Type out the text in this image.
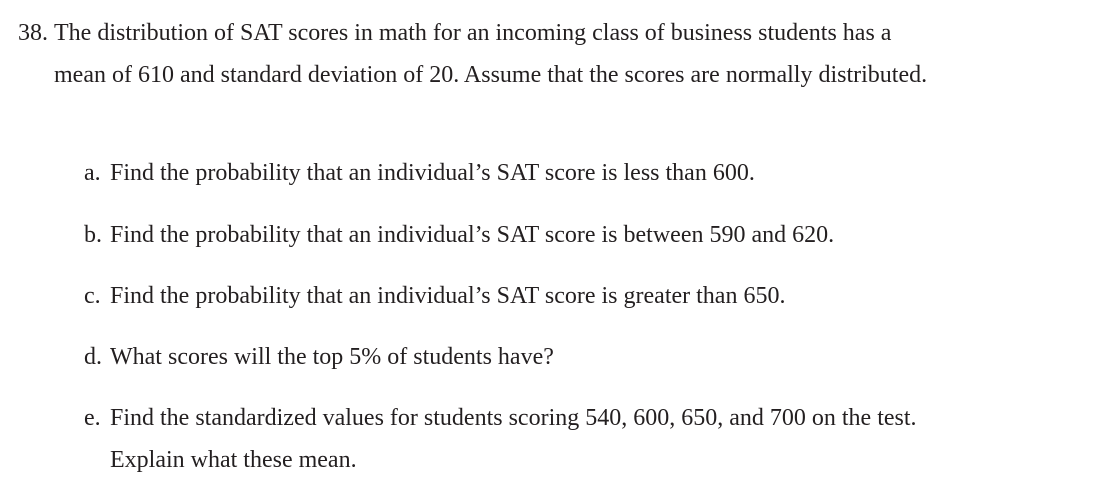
38. The distribution of SAT scores in math for an incoming class of business students has a mean of 610 and standard deviation of 20. Assume that the scores are normally distributed.
a. Find the probability that an individual’s SAT score is less than 600.
b. Find the probability that an individual’s SAT score is between 590 and 620.
c. Find the probability that an individual’s SAT score is greater than 650.
d. What scores will the top 5% of students have?
e. Find the standardized values for students scoring 540, 600, 650, and 700 on the test. Explain what these mean.
